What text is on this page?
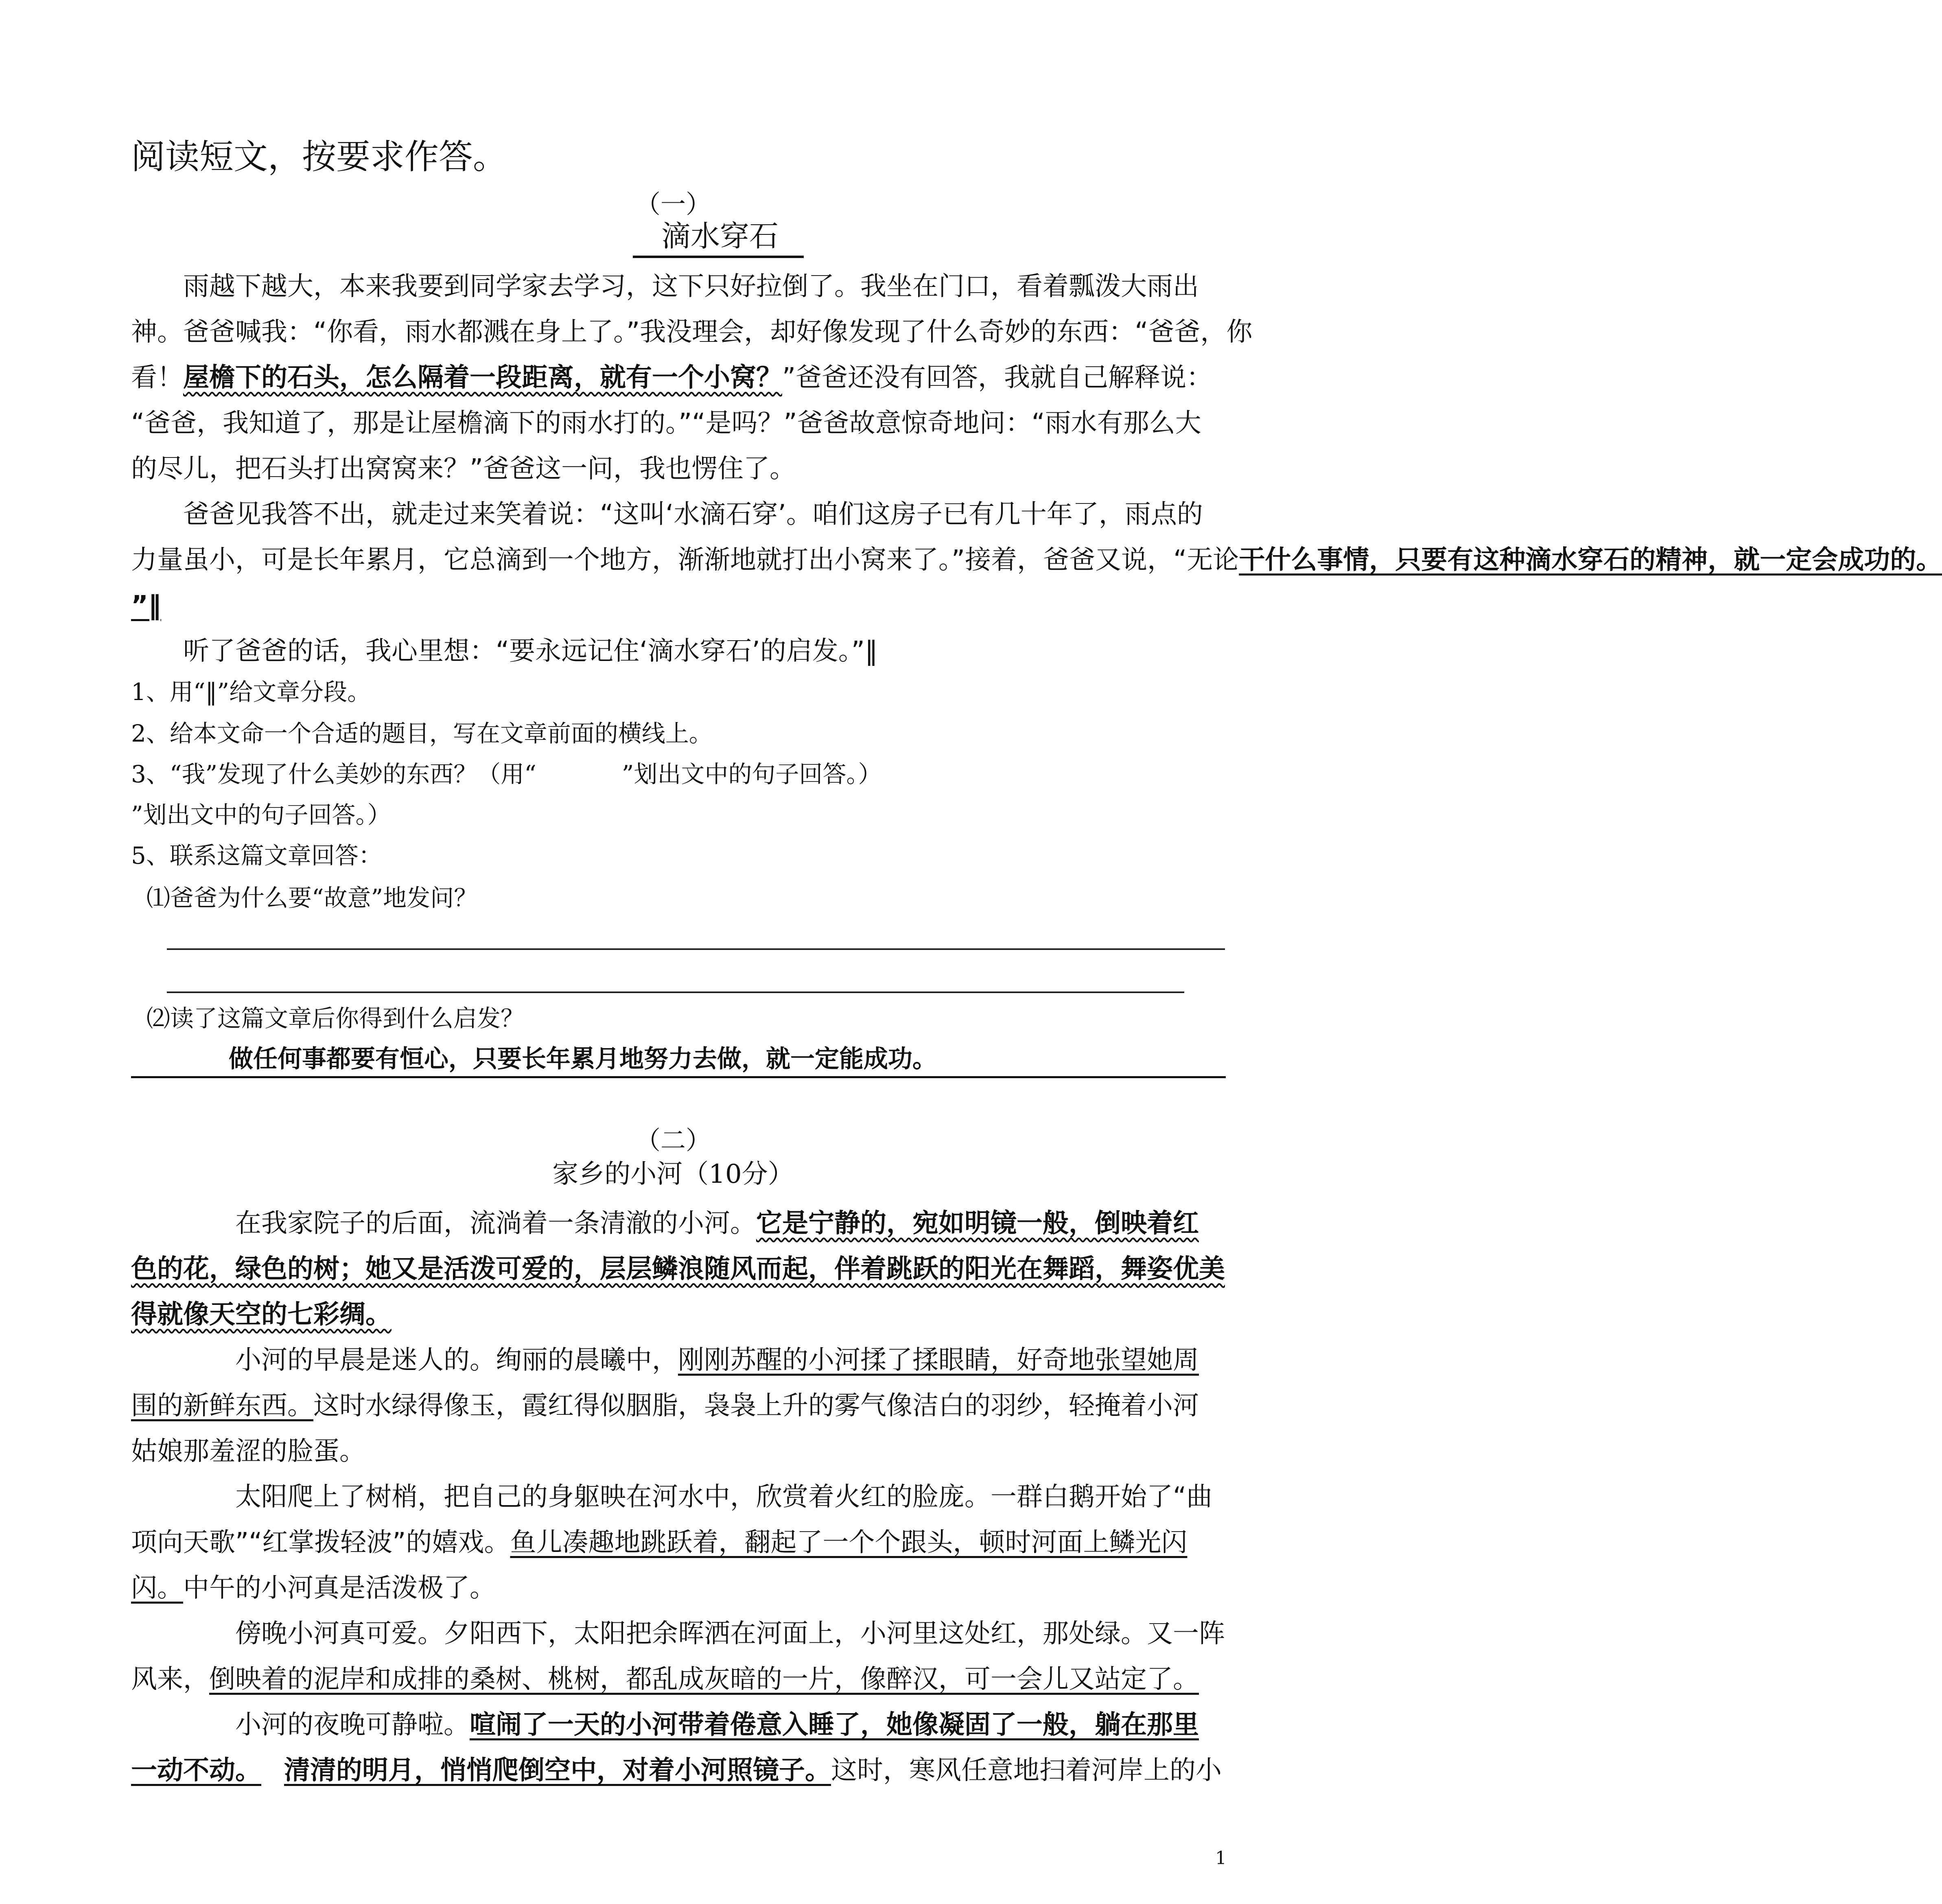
阅读短文，按要求作答。
（一）
滴水穿石
雨越下越大，本来我要到同学家去学习，这下只好拉倒了。我坐在门口，看着瓢泼大雨出
神。爸爸喊我：“你看，雨水都溅在身上了。”我没理会，却好像发现了什么奇妙的东西：“爸爸，你
看！屋檐下的石头，怎么隔着一段距离，就有一个小窝？”爸爸还没有回答，我就自己解释说：
“爸爸，我知道了，那是让屋檐滴下的雨水打的。”“是吗？”爸爸故意惊奇地问：“雨水有那么大
的尽儿，把石头打出窝窝来？”爸爸这一问，我也愣住了。
爸爸见我答不出，就走过来笑着说：“这叫‘水滴石穿’。咱们这房子已有几十年了，雨点的
力量虽小，可是长年累月，它总滴到一个地方，渐渐地就打出小窝来了。”接着，爸爸又说，“无论干什么事情，只要有这种滴水穿石的精神，就一定会成功的。
”‖
听了爸爸的话，我心里想：“要永远记住‘滴水穿石’的启发。”‖
1、用“‖”给文章分段。
2、给本文命一个合适的题目，写在文章前面的横线上。
3、“我”发现了什么美妙的东西？（用“	”划出文中的句子回答。）
”划出文中的句子回答。）
5、联系这篇文章回答：
⑴爸爸为什么要“故意”地发问？
⑵读了这篇文章后你得到什么启发？
做任何事都要有恒心，只要长年累月地努力去做，就一定能成功。
（二）
家乡的小河（10分）
在我家院子的后面，流淌着一条清澈的小河。它是宁静的，宛如明镜一般，倒映着红
色的花，绿色的树；她又是活泼可爱的，层层鳞浪随风而起，伴着跳跃的阳光在舞蹈，舞姿优美
得就像天空的七彩绸。
小河的早晨是迷人的。绚丽的晨曦中，刚刚苏醒的小河揉了揉眼睛，好奇地张望她周
围的新鲜东西。这时水绿得像玉，霞红得似胭脂，袅袅上升的雾气像洁白的羽纱，轻掩着小河
姑娘那羞涩的脸蛋。
太阳爬上了树梢，把自己的身躯映在河水中，欣赏着火红的脸庞。一群白鹅开始了“曲
项向天歌”“红掌拨轻波”的嬉戏。鱼儿凑趣地跳跃着，翻起了一个个跟头，顿时河面上鳞光闪
闪。中午的小河真是活泼极了。
傍晚小河真可爱。夕阳西下，太阳把余晖洒在河面上，小河里这处红，那处绿。又一阵
风来，倒映着的泥岸和成排的桑树、桃树，都乱成灰暗的一片，像醉汉，可一会儿又站定了。
小河的夜晚可静啦。喧闹了一天的小河带着倦意入睡了，她像凝固了一般，躺在那里
一动不动。 清清的明月，悄悄爬倒空中，对着小河照镜子。这时，寒风任意地扫着河岸上的小
1
